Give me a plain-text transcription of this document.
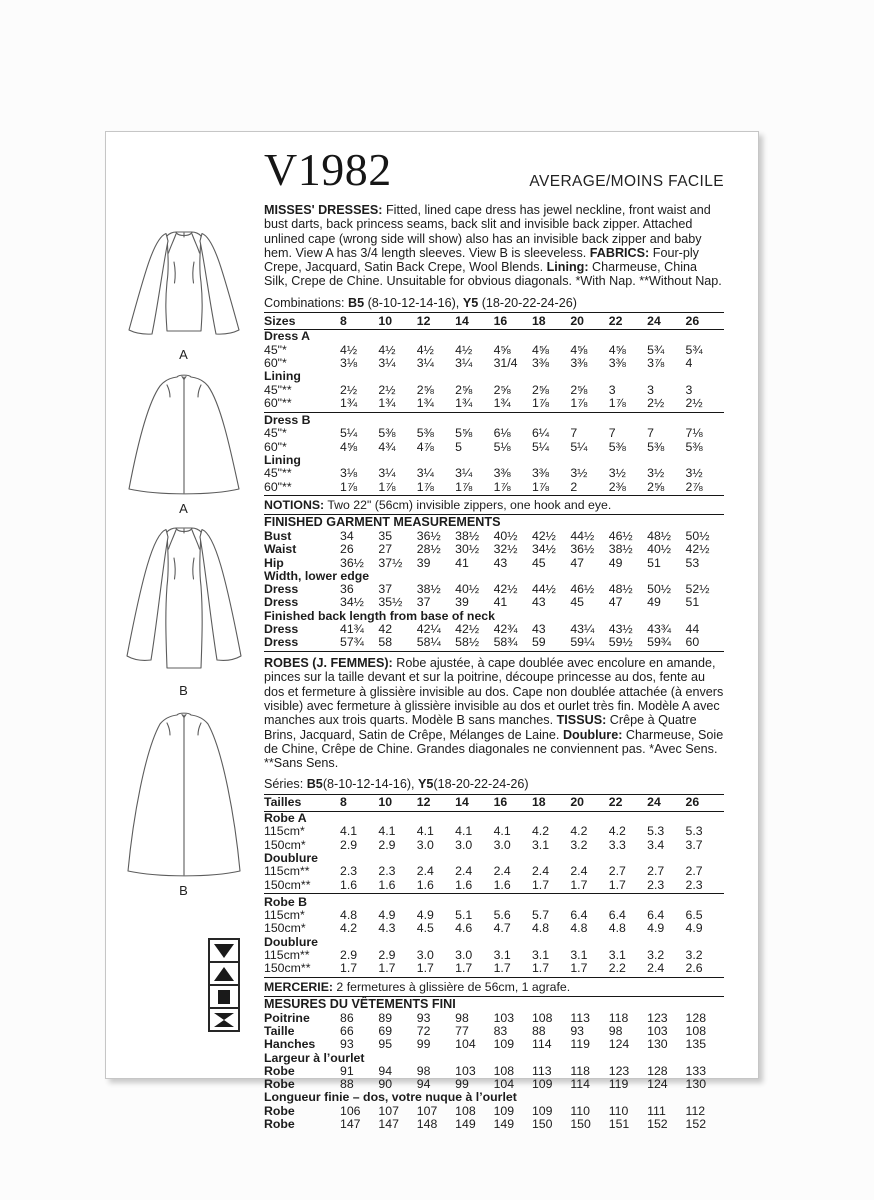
A
A
B
B
V1982	AVERAGE/MOINS FACILE

MISSES' DRESSES: Fitted, lined cape dress has jewel neckline, front waist and bust darts, back princess seams, back slit and invisible back zipper. Attached unlined cape (wrong side will show) also has an invisible back zipper and baby hem. View A has 3/4 length sleeves. View B is sleeveless. FABRICS: Four-ply Crepe, Jacquard, Satin Back Crepe, Wool Blends. Lining: Charmeuse, China Silk, Crepe de Chine. Unsuitable for obvious diagonals. *With Nap. **Without Nap.

Combinations: B5 (8-10-12-14-16), Y5 (18-20-22-24-26)
Sizes	8	10	12	14	16	18	20	22	24	26
Dress A
45"*	4½	4½	4½	4½	4⅝	4⅝	4⅝	4⅝	5¾	5¾
60"*	3⅛	3¼	3¼	3¼	31/4	3⅜	3⅜	3⅜	3⅞	4
Lining
45"**	2½	2½	2⅝	2⅝	2⅝	2⅝	2⅝	3	3	3
60"**	1¾	1¾	1¾	1¾	1¾	1⅞	1⅞	1⅞	2½	2½
Dress B
45"*	5¼	5⅜	5⅜	5⅝	6⅛	6¼	7	7	7	7⅛
60"*	4⅝	4¾	4⅞	5	5⅛	5¼	5¼	5⅜	5⅜	5⅜
Lining
45"**	3⅛	3¼	3¼	3¼	3⅜	3⅜	3½	3½	3½	3½
60"**	1⅞	1⅞	1⅞	1⅞	1⅞	1⅞	2	2⅜	2⅝	2⅞
NOTIONS: Two 22" (56cm) invisible zippers, one hook and eye.
FINISHED GARMENT MEASUREMENTS
Bust	34	35	36½	38½	40½	42½	44½	46½	48½	50½
Waist	26	27	28½	30½	32½	34½	36½	38½	40½	42½
Hip	36½	37½	39	41	43	45	47	49	51	53
Width, lower edge
Dress	36	37	38½	40½	42½	44½	46½	48½	50½	52½
Dress	34½	35½	37	39	41	43	45	47	49	51
Finished back length from base of neck
Dress	41¾	42	42¼	42½	42¾	43	43¼	43½	43¾	44
Dress	57¾	58	58¼	58½	58¾	59	59¼	59½	59¾	60

ROBES (J. FEMMES): Robe ajustée, à cape doublée avec encolure en amande, pinces sur la taille devant et sur la poitrine, découpe princesse au dos, fente au dos et fermeture à glissière invisible au dos. Cape non doublée attachée (à envers visible) avec fermeture à glissière invisible au dos et ourlet très fin. Modèle A avec manches aux trois quarts. Modèle B sans manches. TISSUS: Crêpe à Quatre Brins, Jacquard, Satin de Crêpe, Mélanges de Laine. Doublure: Charmeuse, Soie de Chine, Crêpe de Chine. Grandes diagonales ne conviennent pas. *Avec Sens. **Sans Sens.

Séries: B5(8-10-12-14-16), Y5(18-20-22-24-26)
Tailles	8	10	12	14	16	18	20	22	24	26
Robe A
115cm*	4.1	4.1	4.1	4.1	4.1	4.2	4.2	4.2	5.3	5.3
150cm*	2.9	2.9	3.0	3.0	3.0	3.1	3.2	3.3	3.4	3.7
Doublure
115cm**	2.3	2.3	2.4	2.4	2.4	2.4	2.4	2.7	2.7	2.7
150cm**	1.6	1.6	1.6	1.6	1.6	1.7	1.7	1.7	2.3	2.3
Robe B
115cm*	4.8	4.9	4.9	5.1	5.6	5.7	6.4	6.4	6.4	6.5
150cm*	4.2	4.3	4.5	4.6	4.7	4.8	4.8	4.8	4.9	4.9
Doublure
115cm**	2.9	2.9	3.0	3.0	3.1	3.1	3.1	3.1	3.2	3.2
150cm**	1.7	1.7	1.7	1.7	1.7	1.7	1.7	2.2	2.4	2.6
MERCERIE: 2 fermetures à glissière de 56cm, 1 agrafe.
MESURES DU VÊTEMENTS FINI
Poitrine	86	89	93	98	103	108	113	118	123	128
Taille	66	69	72	77	83	88	93	98	103	108
Hanches	93	95	99	104	109	114	119	124	130	135
Largeur à l’ourlet
Robe	91	94	98	103	108	113	118	123	128	133
Robe	88	90	94	99	104	109	114	119	124	130
Longueur finie – dos, votre nuque à l’ourlet
Robe	106	107	107	108	109	109	110	110	111	112
Robe	147	147	148	149	149	150	150	151	152	152
